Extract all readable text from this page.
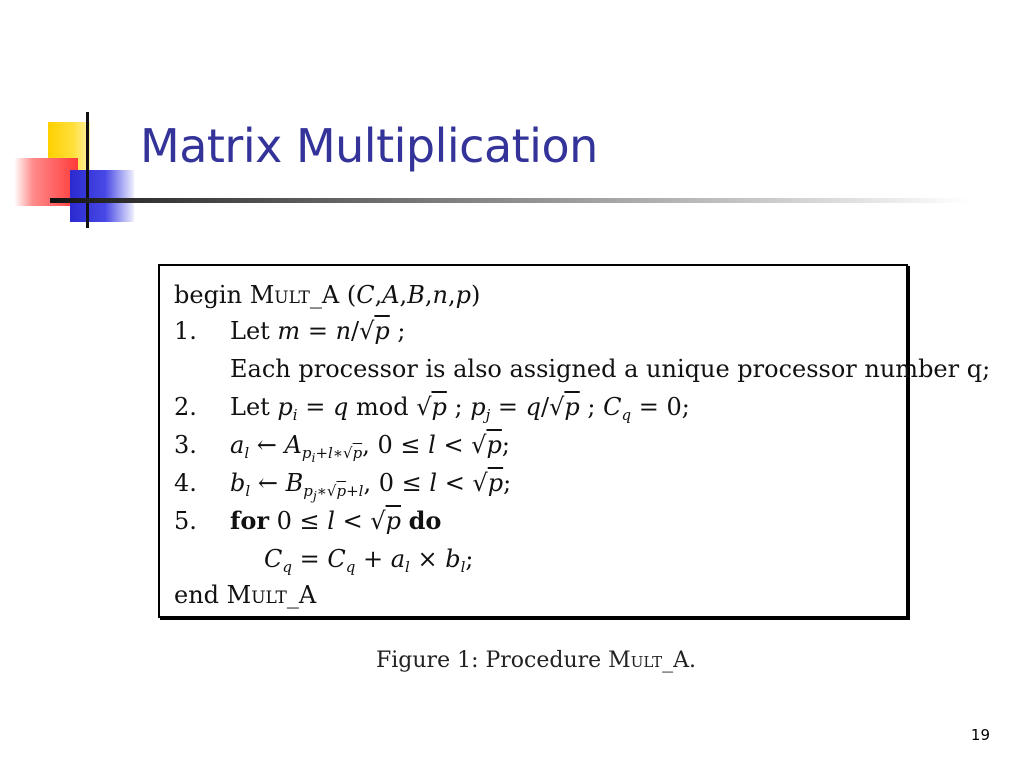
Matrix Multiplication
begin Mult_A (C,A,B,n,p)
1. Let m = n/√p ;
Each processor is also assigned a unique processor number q;
2. Let $p_i = q$ mod √p ; $p_j = q/√p$ ; $C_q = 0$;
3. $a_l$ ← $A_{p_i+l∗√p}$, 0 ≤ l < √p;
4. $b_l$ ← $B_{p_j∗√p+l}$, 0 ≤ l < √p;
5. for 0 ≤ l < √p do
$C_q = C_q + a_l \times b_l$;
end Mult_A

Figure 1: Procedure Mult_A.

19
